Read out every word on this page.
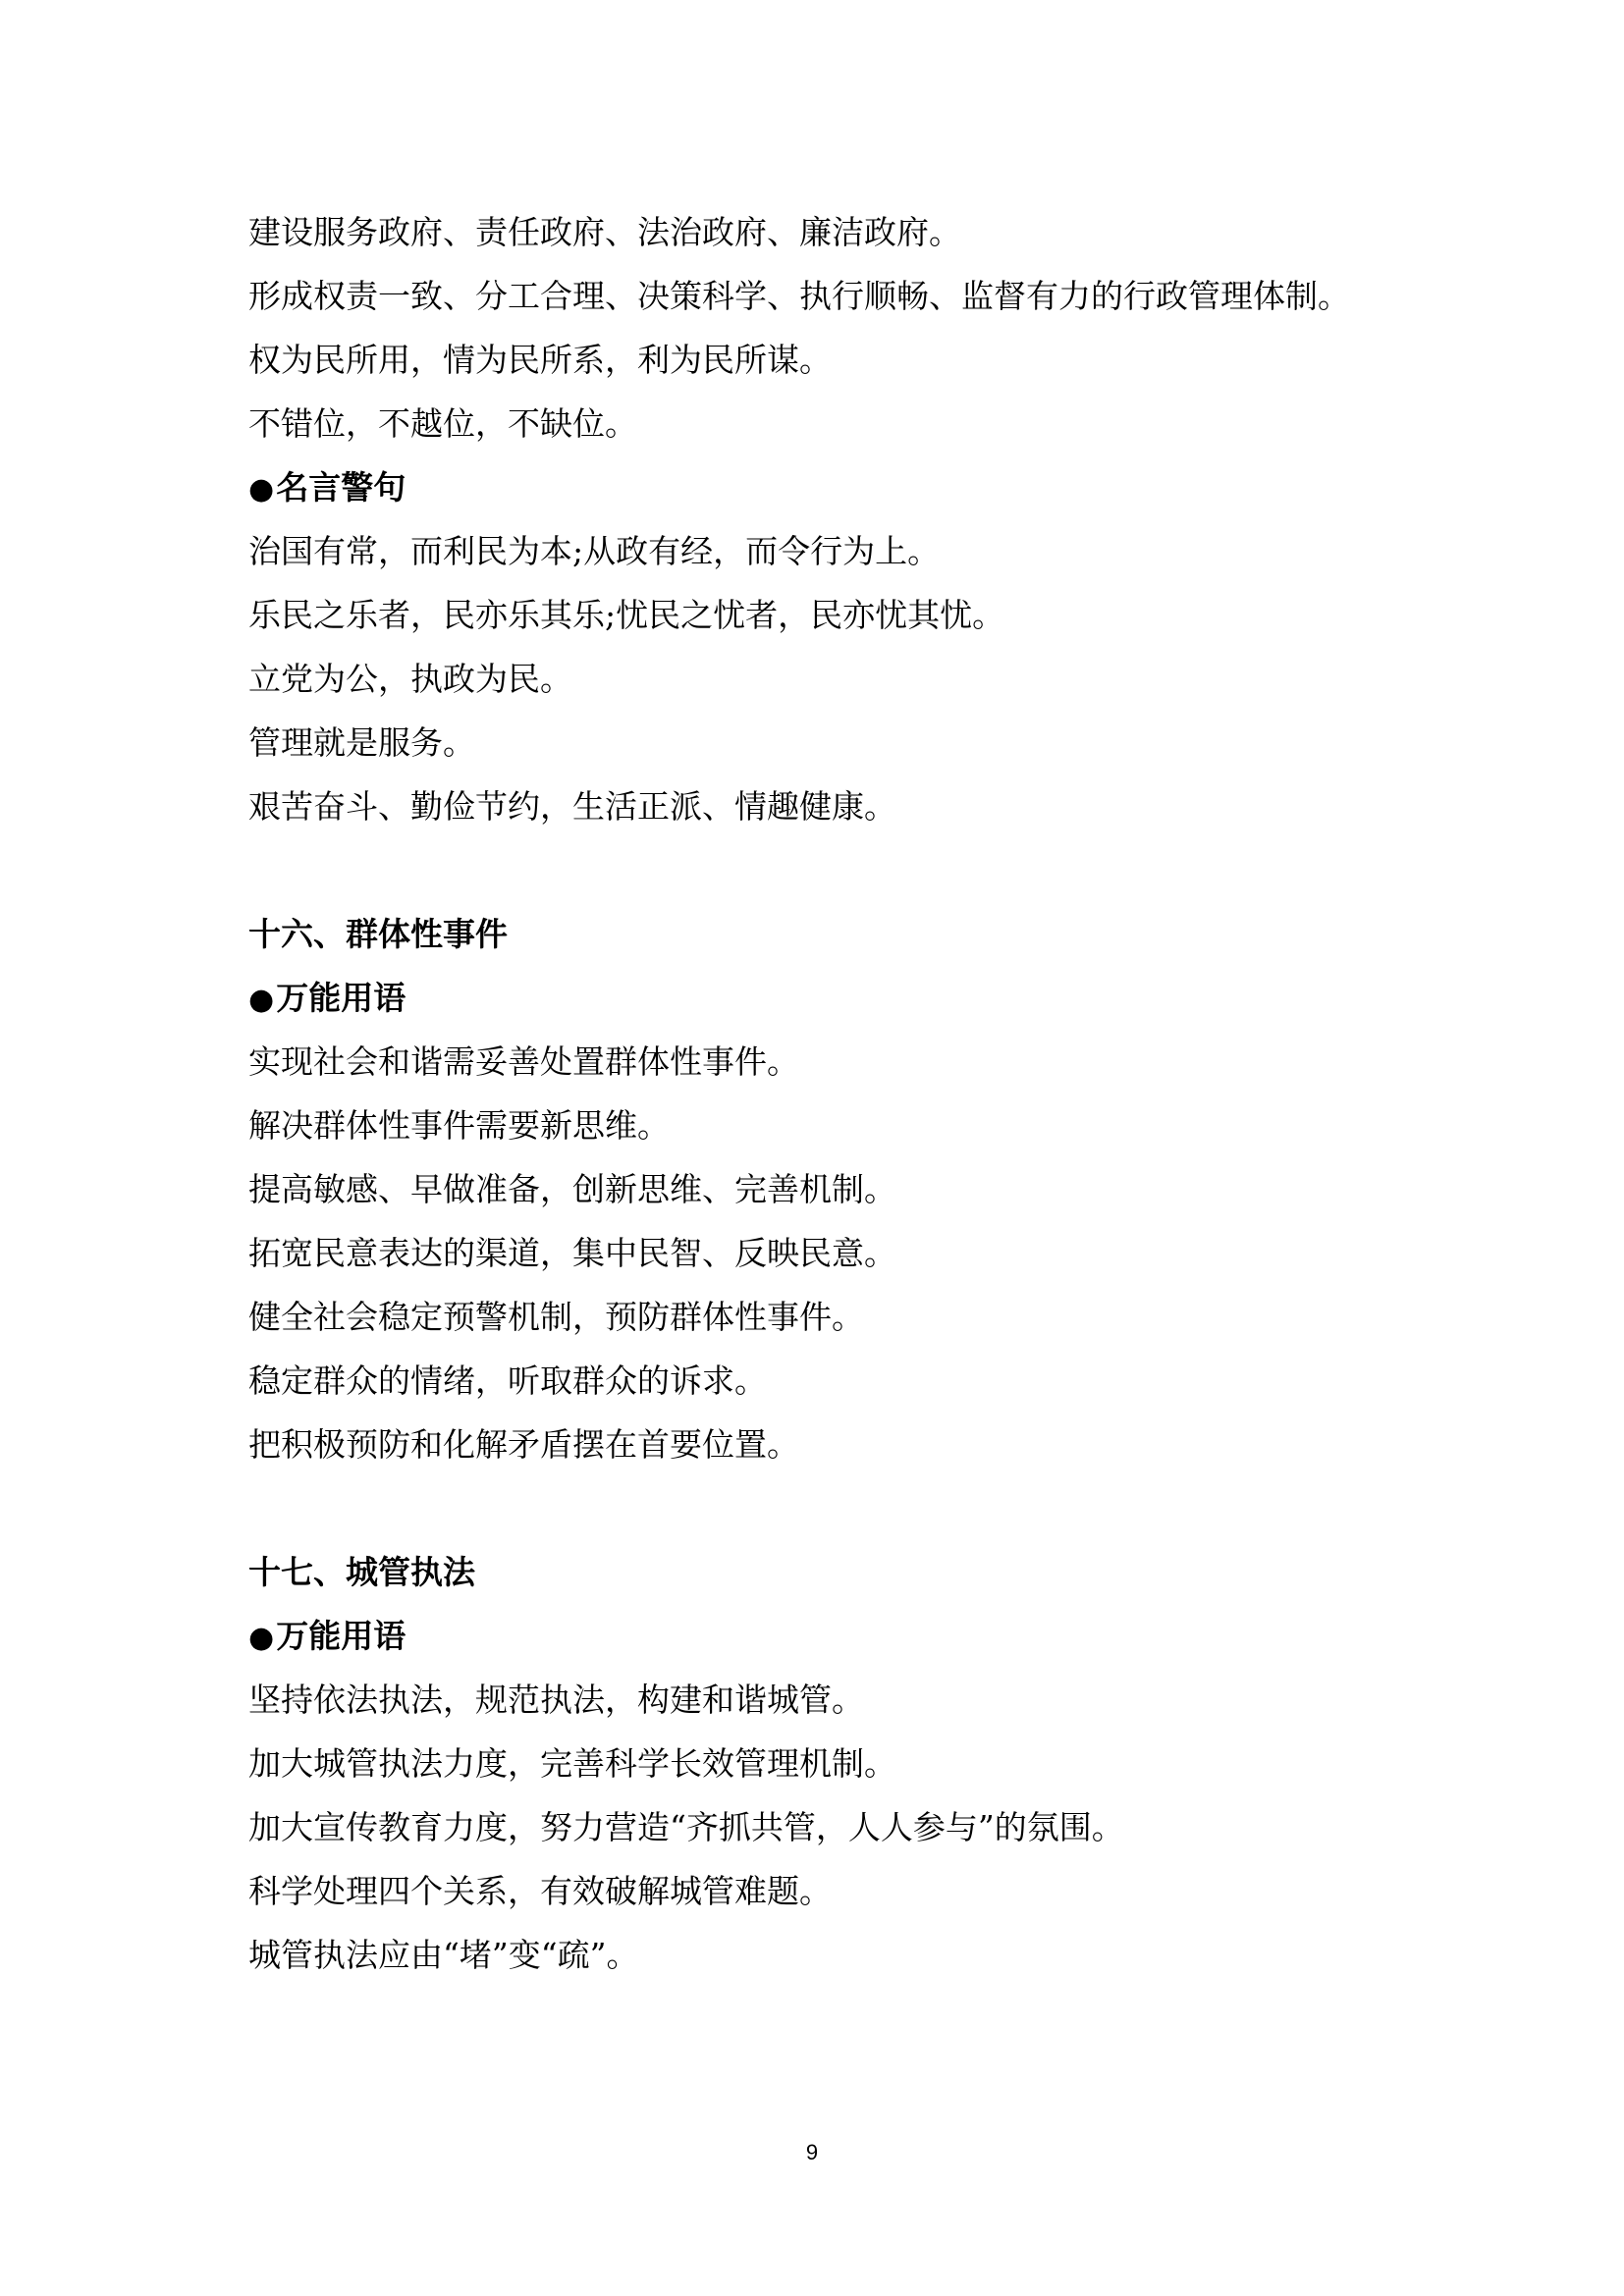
建设服务政府、责任政府、法治政府、廉洁政府。
形成权责一致、分工合理、决策科学、执行顺畅、监督有力的行政管理体制。
权为民所用，情为民所系，利为民所谋。
不错位，不越位，不缺位。
●名言警句
治国有常，而利民为本;从政有经，而令行为上。
乐民之乐者，民亦乐其乐;忧民之忧者，民亦忧其忧。
立党为公，执政为民。
管理就是服务。
艰苦奋斗、勤俭节约，生活正派、情趣健康。
十六、群体性事件
●万能用语
实现社会和谐需妥善处置群体性事件。
解决群体性事件需要新思维。
提高敏感、早做准备，创新思维、完善机制。
拓宽民意表达的渠道，集中民智、反映民意。
健全社会稳定预警机制，预防群体性事件。
稳定群众的情绪，听取群众的诉求。
把积极预防和化解矛盾摆在首要位置。
十七、城管执法
●万能用语
坚持依法执法，规范执法，构建和谐城管。
加大城管执法力度，完善科学长效管理机制。
加大宣传教育力度，努力营造“齐抓共管，人人参与”的氛围。
科学处理四个关系，有效破解城管难题。
城管执法应由“堵”变“疏”。
9
